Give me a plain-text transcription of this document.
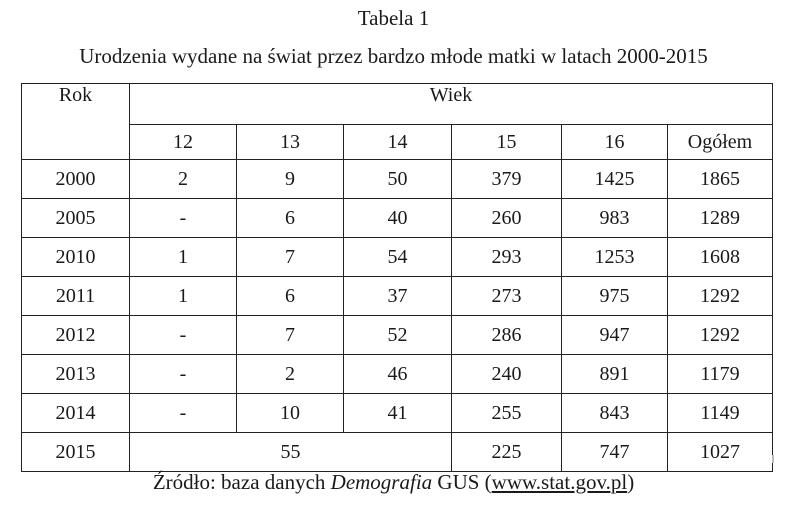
Tabela 1
Urodzenia wydane na świat przez bardzo młode matki w latach 2000-2015
Rok	Wiek					
	12	13	14	15	16	Ogółem
2000	2	9	50	379	1425	1865
2005	-	6	40	260	983	1289
2010	1	7	54	293	1253	1608
2011	1	6	37	273	975	1292
2012	-	7	52	286	947	1292
2013	-	2	46	240	891	1179
2014	-	10	41	255	843	1149
2015	55			225	747	1027
Źródło: baza danych Demografia GUS (www.stat.gov.pl)
